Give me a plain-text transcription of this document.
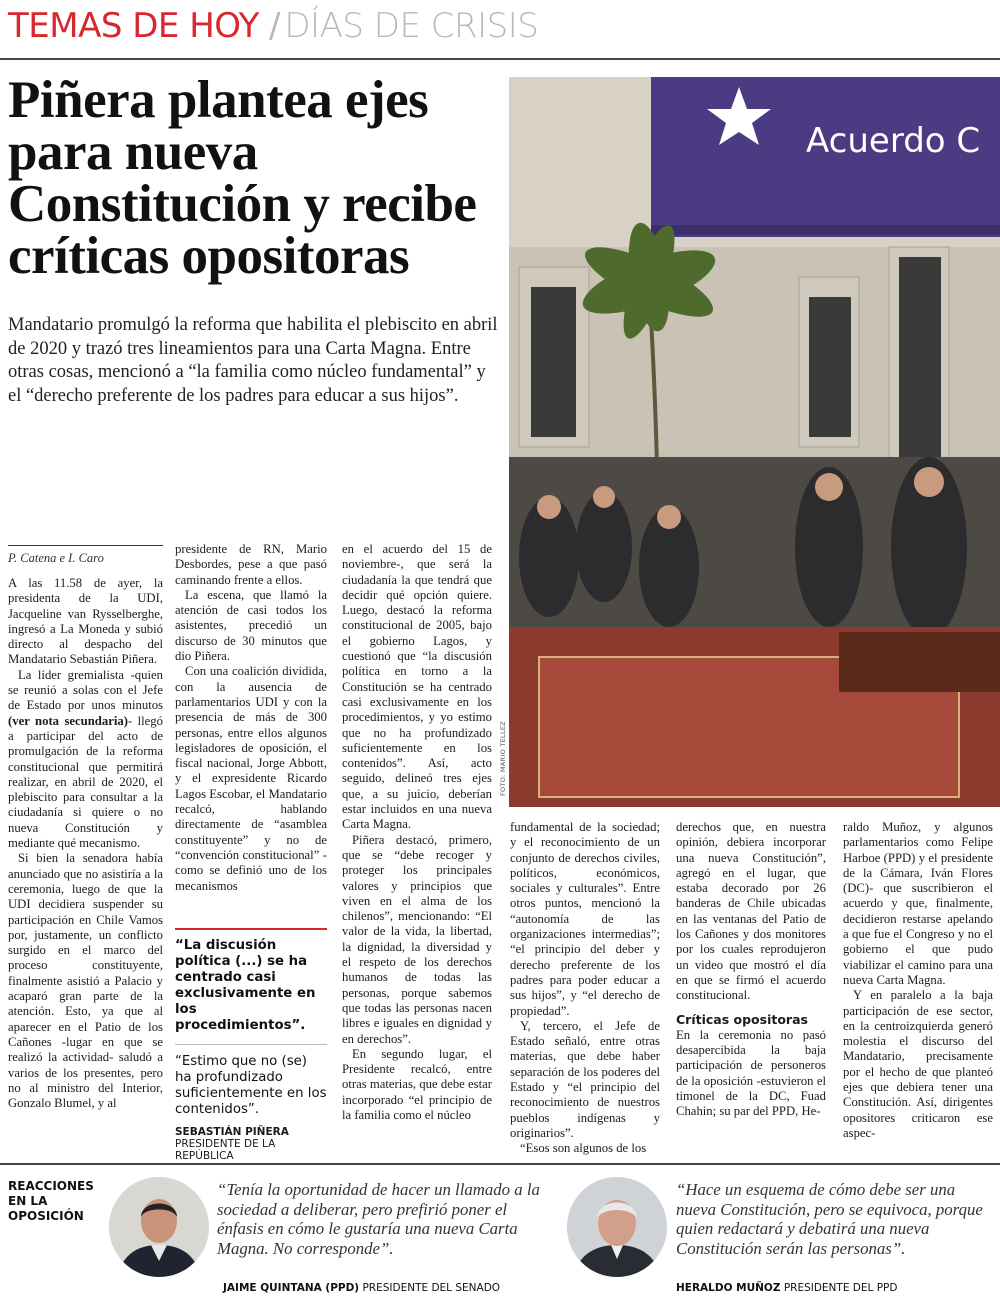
TEMAS DE HOY / DÍAS DE CRISIS
Piñera plantea ejes para nueva Constitución y recibe críticas opositoras

Mandatario promulgó la reforma que habilita el plebiscito en abril de 2020 y trazó tres lineamientos para una Carta Magna. Entre otras cosas, mencionó a “la familia como núcleo fundamental” y el “derecho preferente de los padres para educar a sus hijos”.

Acuerdo C
FOTO: MARIO TELLEZ
P. Catena e I. Caro

A las 11.58 de ayer, la presidenta de la UDI, Jacqueline van Rysselberghe, ingresó a La Moneda y subió directo al despacho del Mandatario Sebastián Piñera.

La líder gremialista -quien se reunió a solas con el Jefe de Estado por unos minutos (ver nota secundaria)- llegó a participar del acto de promulgación de la reforma constitucional que permitirá realizar, en abril de 2020, el plebiscito para consultar a la ciudadanía si quiere o no nueva Constitución y mediante qué mecanismo.

Si bien la senadora había anunciado que no asistiría a la ceremonia, luego de que la UDI decidiera suspender su participación en Chile Vamos por, justamente, un conflicto surgido en el marco del proceso constituyente, finalmente asistió a Palacio y acaparó gran parte de la atención. Esto, ya que al aparecer en el Patio de los Cañones -lugar en que se realizó la actividad- saludó a varios de los presentes, pero no al ministro del Interior, Gonzalo Blumel, y al

presidente de RN, Mario Desbordes, pese a que pasó caminando frente a ellos.

La escena, que llamó la atención de casi todos los asistentes, precedió un discurso de 30 minutos que dio Piñera.

Con una coalición dividida, con la ausencia de parlamentarios UDI y con la presencia de más de 300 personas, entre ellos algunos legisladores de oposición, el fiscal nacional, Jorge Abbott, y el expresidente Ricardo Lagos Escobar, el Mandatario recalcó, hablando directamente de “asamblea constituyente” y no de “convención constitucional” -como se definió uno de los mecanismos

en el acuerdo del 15 de noviembre-, que será la ciudadanía la que tendrá que decidir qué opción quiere. Luego, destacó la reforma constitucional de 2005, bajo el gobierno Lagos, y cuestionó que “la discusión política en torno a la Constitución se ha centrado casi exclusivamente en los procedimientos, y yo estimo que no ha profundizado suficientemente en los contenidos”. Así, acto seguido, delineó tres ejes que, a su juicio, deberían estar incluidos en una nueva Carta Magna.

Piñera destacó, primero, que se “debe recoger y proteger los principales valores y principios que viven en el alma de los chilenos”, mencionando: “El valor de la vida, la libertad, la dignidad, la diversidad y el respeto de los derechos humanos de todas las personas, porque sabemos que todas las personas nacen libres e iguales en dignidad y en derechos”.

En segundo lugar, el Presidente recalcó, entre otras materias, que debe estar incorporado “el principio de la familia como el núcleo

fundamental de la sociedad; y el reconocimiento de un conjunto de derechos civiles, políticos, económicos, sociales y culturales”. Entre otros puntos, mencionó la “autonomía de las organizaciones intermedias”; “el principio del deber y derecho preferente de los padres para poder educar a sus hijos”, y “el derecho de propiedad”.

Y, tercero, el Jefe de Estado señaló, entre otras materias, que debe haber separación de los poderes del Estado y “el principio del reconocimiento de nuestros pueblos indígenas y originarios”.

“Esos son algunos de los

derechos que, en nuestra opinión, debiera incorporar una nueva Constitución”, agregó en el lugar, que estaba decorado por 26 banderas de Chile ubicadas en las ventanas del Patio de los Cañones y dos monitores por los cuales reprodujeron un video que mostró el día en que se firmó el acuerdo constitucional.

Críticas opositoras

En la ceremonia no pasó desapercibida la baja participación de personeros de la oposición -estuvieron el timonel de la DC, Fuad Chahin; su par del PPD, He-

raldo Muñoz, y algunos parlamentarios como Felipe Harboe (PPD) y el presidente de la Cámara, Iván Flores (DC)- que suscribieron el acuerdo y que, finalmente, decidieron restarse apelando a que fue el Congreso y no el gobierno el que pudo viabilizar el camino para una nueva Carta Magna.

Y en paralelo a la baja participación de ese sector, en la centroizquierda generó molestia el discurso del Mandatario, precisamente por el hecho de que planteó ejes que debiera tener una Constitución. Así, dirigentes opositores criticaron ese aspec-

“La discusión política (...) se ha centrado casi exclusivamente en los procedimientos”.
“Estimo que no (se) ha profundizado suficientemente en los contenidos”.
SEBASTIÁN PIÑERA
PRESIDENTE DE LA REPÚBLICA
REACCIONES EN LA OPOSICIÓN
“Tenía la oportunidad de hacer un llamado a la sociedad a deliberar, pero prefirió poner el énfasis en cómo le gustaría una nueva Carta Magna. No corresponde”.
JAIME QUINTANA (PPD) PRESIDENTE DEL SENADO
“Hace un esquema de cómo debe ser una nueva Constitución, pero se equivoca, porque quien redactará y debatirá una nueva Constitución serán las personas”.
HERALDO MUÑOZ PRESIDENTE DEL PPD
